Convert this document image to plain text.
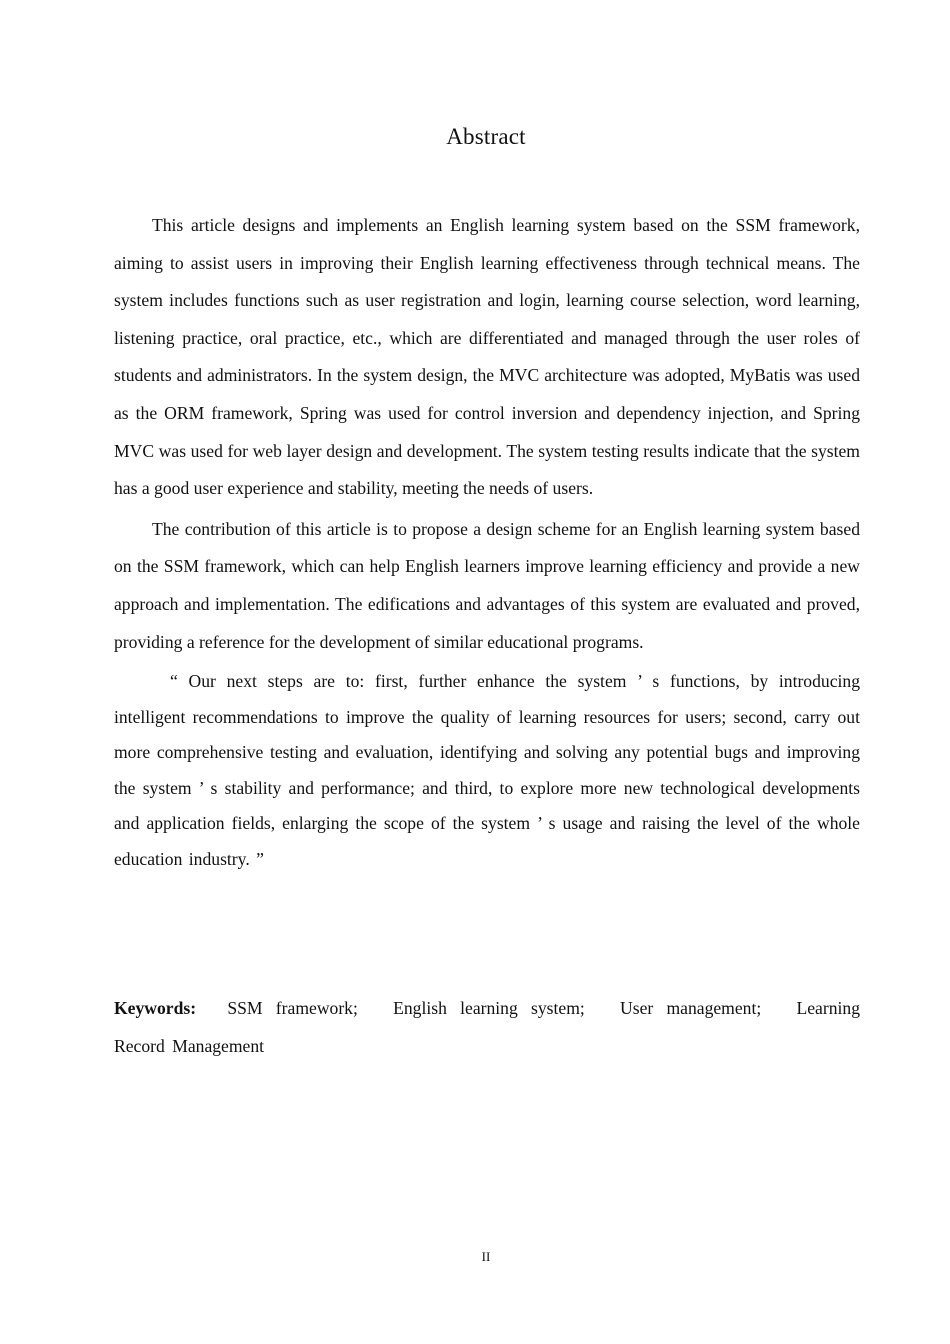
Abstract

This article designs and implements an English learning system based on the SSM framework, aiming to assist users in improving their English learning effectiveness through technical means. The system includes functions such as user registration and login, learning course selection, word learning, listening practice, oral practice, etc., which are differentiated and managed through the user roles of students and administrators. In the system design, the MVC architecture was adopted, MyBatis was used as the ORM framework, Spring was used for control inversion and dependency injection, and Spring MVC was used for web layer design and development. The system testing results indicate that the system has a good user experience and stability, meeting the needs of users.

The contribution of this article is to propose a design scheme for an English learning system based on the SSM framework, which can help English learners improve learning efficiency and provide a new approach and implementation. The edifications and advantages of this system are evaluated and proved, providing a reference for the development of similar educational programs.

“ Our next steps are to: first, further enhance the system ’ s functions, by introducing intelligent recommendations to improve the quality of learning resources for users; second, carry out more comprehensive testing and evaluation, identifying and solving any potential bugs and improving the system ’ s stability and performance; and third, to explore more new technological developments and application fields, enlarging the scope of the system ’ s usage and raising the level of the whole education industry. ”

Keywords: SSM framework; English learning system; User management; Learning Record Management
II
